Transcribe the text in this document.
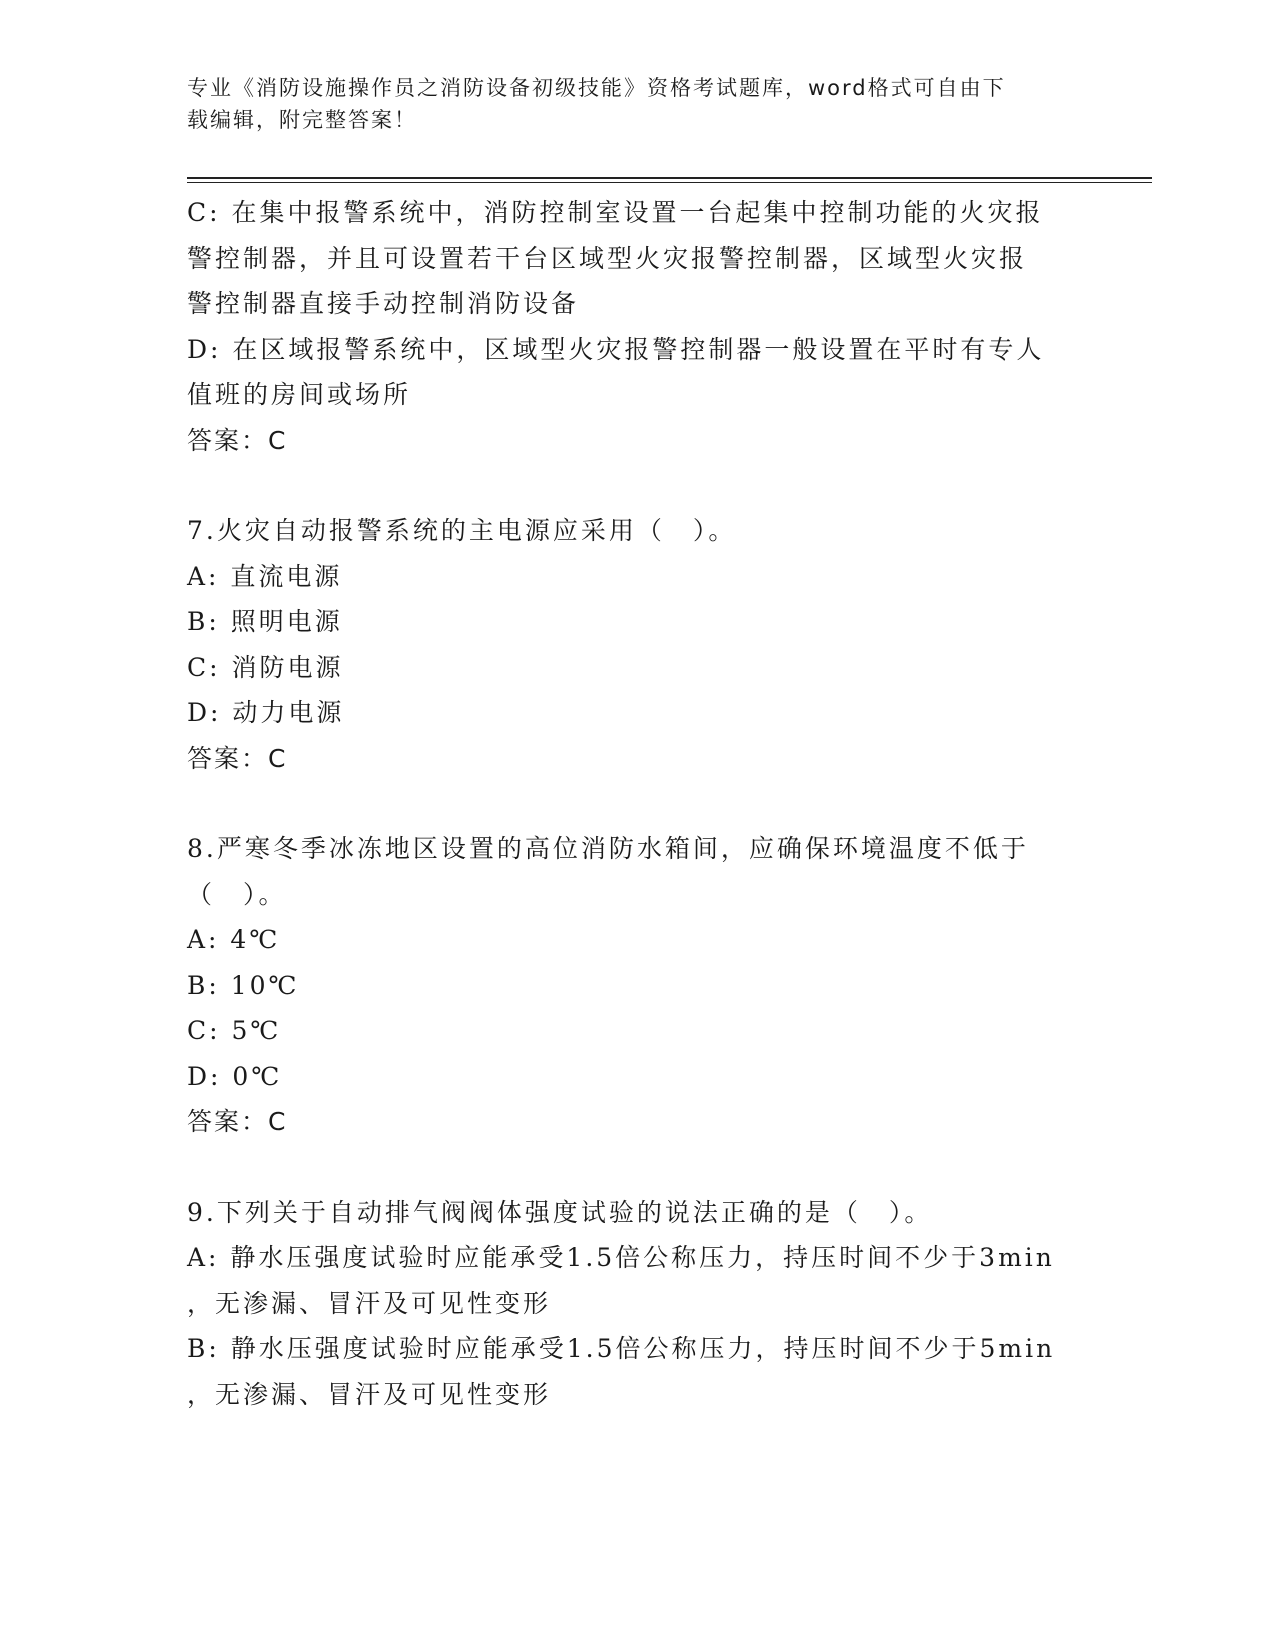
专业《消防设施操作员之消防设备初级技能》资格考试题库，word格式可自由下
载编辑，附完整答案！
C: 在集中报警系统中，消防控制室设置一台起集中控制功能的火灾报
警控制器，并且可设置若干台区域型火灾报警控制器，区域型火灾报
警控制器直接手动控制消防设备
D: 在区域报警系统中，区域型火灾报警控制器一般设置在平时有专人
值班的房间或场所
答案：C
7.火灾自动报警系统的主电源应采用（　）。
A: 直流电源
B: 照明电源
C: 消防电源
D: 动力电源
答案：C
8.严寒冬季冰冻地区设置的高位消防水箱间，应确保环境温度不低于
（　）。
A: 4℃
B: 10℃
C: 5℃
D: 0℃
答案：C
9.下列关于自动排气阀阀体强度试验的说法正确的是（　）。
A: 静水压强度试验时应能承受1.5倍公称压力，持压时间不少于3min
，无渗漏、冒汗及可见性变形
B: 静水压强度试验时应能承受1.5倍公称压力，持压时间不少于5min
，无渗漏、冒汗及可见性变形
